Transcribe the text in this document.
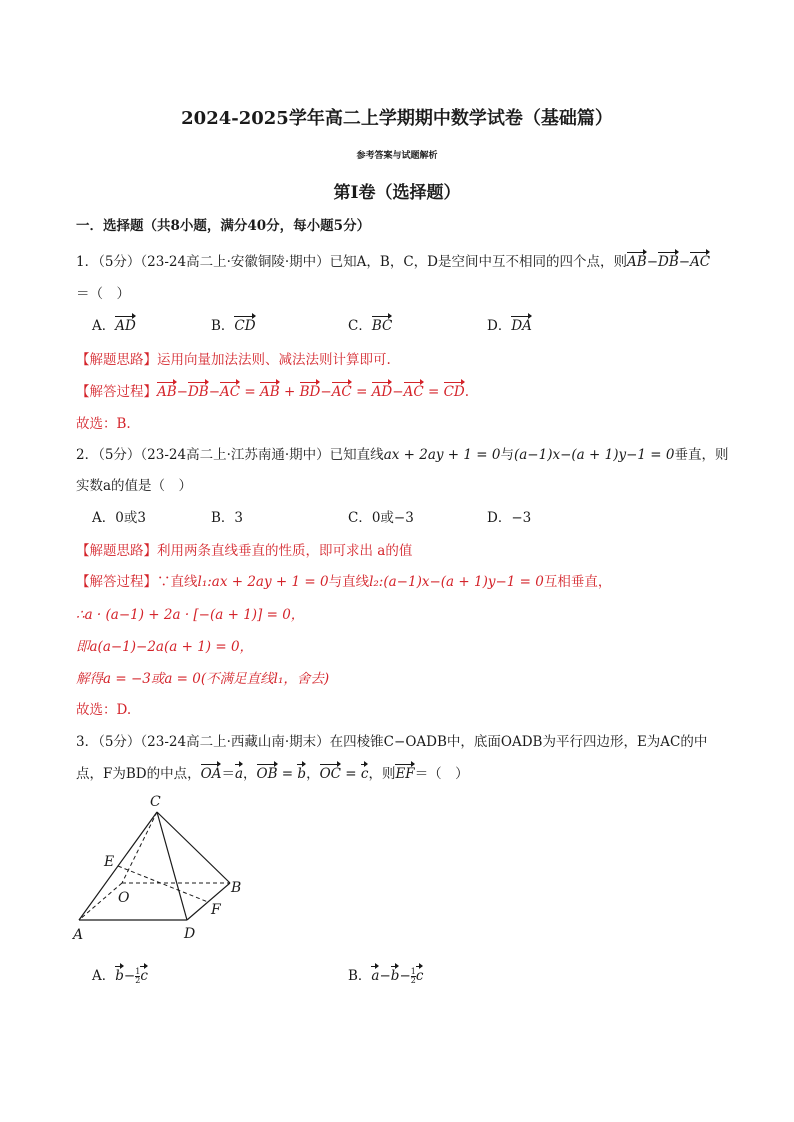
2024-2025学年高二上学期期中数学试卷（基础篇）
参考答案与试题解析
第I卷（选择题）
一．选择题（共8小题，满分40分，每小题5分）
1．（5分）（23-24高二上·安徽铜陵·期中）已知A，B，C，D是空间中互不相同的四个点，则AB−DB−AC
＝（　）
A．AD	B．CD	C．BC	D．DA
【解题思路】运用向量加法法则、减法法则计算即可.
【解答过程】AB−DB−AC = AB + BD−AC = AD−AC = CD.
故选：B.
2．（5分）（23-24高二上·江苏南通·期中）已知直线ax + 2ay + 1 = 0与(a−1)x−(a + 1)y−1 = 0垂直，则
实数a的值是（　）
A．0或3	B．3	C．0或−3	D．−3
【解题思路】利用两条直线垂直的性质，即可求出 a的值
【解答过程】∵直线l₁:ax + 2ay + 1 = 0与直线l₂:(a−1)x−(a + 1)y−1 = 0互相垂直，
∴a · (a−1) + 2a · [−(a + 1)] = 0，
即a(a−1)−2a(a + 1) = 0，
解得a = −3或a = 0(不满足直线l₁，舍去)
故选：D.
3．（5分）（23-24高二上·西藏山南·期末）在四棱锥C−OADB中，底面OADB为平行四边形，E为AC的中
点，F为BD的中点，OA＝a，OB = b，OC = c，则EF＝（　）
C
E
O
B
F
A	D
A．$b- \frac{1}{2}$ c	B．$a-b- \frac{1}{2}$ c
